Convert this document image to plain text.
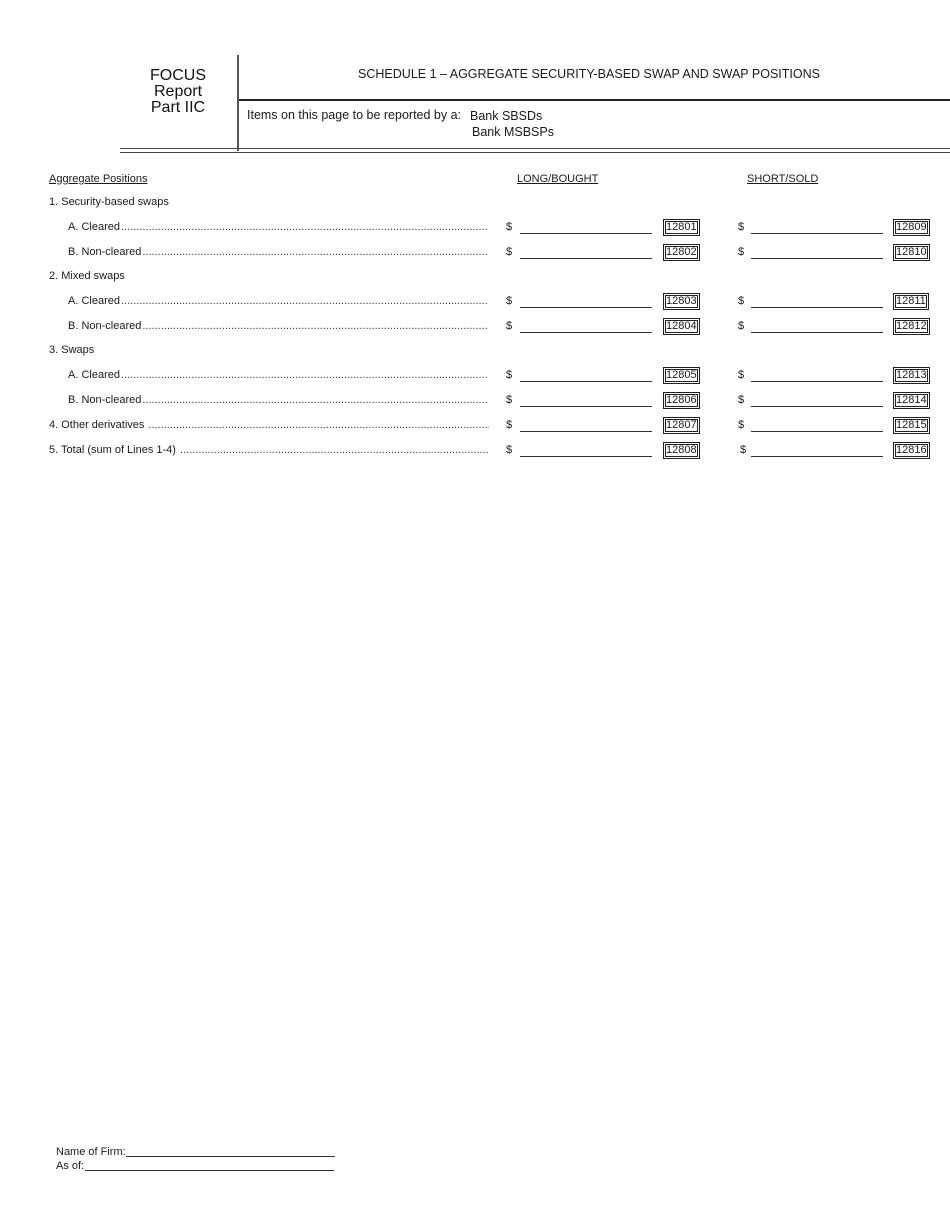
FOCUS
Report
Part IIC
SCHEDULE 1 – AGGREGATE SECURITY-BASED SWAP AND SWAP POSITIONS
Items on this page to be reported by a: Bank SBSDs
Bank MSBSPs
Aggregate Positions	LONG/BOUGHT	SHORT/SOLD
1. Security-based swaps
A. Cleared .....	$	12801	$	12809
B. Non-cleared .....	$	12802	$	12810
2. Mixed swaps
A. Cleared .....	$	12803	$	12811
B. Non-cleared .....	$	12804	$	12812
3. Swaps
A. Cleared .....	$	12805	$	12813
B. Non-cleared .....	$	12806	$	12814
4. Other derivatives .....	$	12807	$	12815
5. Total (sum of Lines 1-4) .....	$	12808	$	12816
Name of Firm:
As of:
